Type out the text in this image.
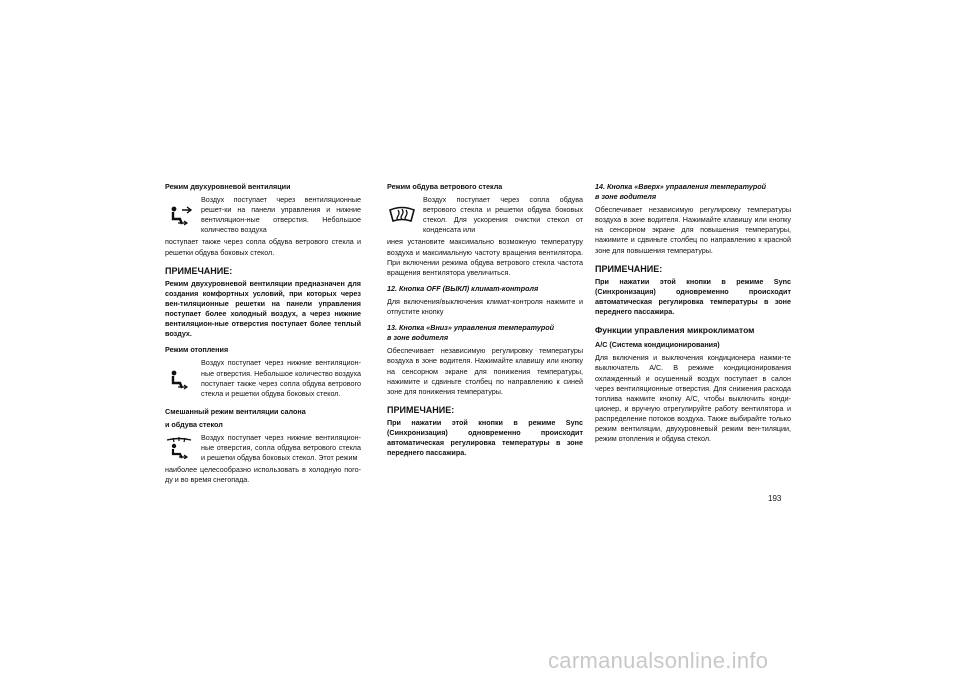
Режим двухуровневой вентиляции
Воздух поступает через вентиляционные решет-ки на панели управления и нижние вентиляцион-ные отверстия. Небольшое количество воздуха

поступает также через сопла обдува ветрового стекла и решетки обдува боковых стекол.

ПРИМЕЧАНИЕ:

Режим двухуровневой вентиляции предназначен для создания комфортных условий, при которых через вен-тиляционные решетки на панели управления поступает более холодный воздух, а через нижние вентиляцион-ные отверстия поступает более теплый воздух.

Режим отопления
Воздух поступает через нижние вентиляцион-ные отверстия. Небольшое количество воздуха поступает также через сопла обдува ветрового стекла и решетки обдува боковых стекол.
Смешанный режим вентиляции салона
и обдува стекол
Воздух поступает через нижние вентиляцион-ные отверстия, сопла обдува ветрового стекла и решетки обдува боковых стекол. Этот режим

наиболее целесообразно использовать в холодную пого-ду и во время снегопада.

Режим обдува ветрового стекла
Воздух поступает через сопла обдува ветрового стекла и решетки обдува боковых стекол. Для ускорения очистки стекол от конденсата или

инея установите максимально возможную температуру воздуха и максимальную частоту вращения вентилятора. При включении режима обдува ветрового стекла частота вращения вентилятора увеличиться.

12. Кнопка OFF (ВЫКЛ) климат-контроля

Для включения/выключения климат-контроля нажмите и отпустите кнопку

13. Кнопка «Вниз» управления температурой
в зоне водителя

Обеспечивает независимую регулировку температуры воздуха в зоне водителя. Нажимайте клавишу или кнопку на сенсорном экране для понижения температуры, нажимите и сдвиньте столбец по направлению к синей зоне для понижения температуры.

ПРИМЕЧАНИЕ:

При нажатии этой кнопки в режиме Sync (Синхронизация) одновременно происходит автоматическая регулировка температуры в зоне переднего пассажира.

14. Кнопка «Вверх» управления температурой
в зоне водителя

Обеспечивает независимую регулировку температуры воздуха в зоне водителя. Нажимайте клавишу или кнопку на сенсорном экране для повышения температуры, нажимите и сдвиньте столбец по направлению к красной зоне для повышения температуры.

ПРИМЕЧАНИЕ:

При нажатии этой кнопки в режиме Sync (Синхронизация) одновременно происходит автоматическая регулировка температуры в зоне переднего пассажира.

Функции управления микроклиматом
A/C (Система кондиционирования)

Для включения и выключения кондиционера нажми-те выключатель A/C. В режиме кондиционирования охлажденный и осушенный воздух поступает в салон через вентиляционные отверстия. Для снижения расхода топлива нажмите кнопку A/C, чтобы выключить конди-ционер, и вручную отрегулируйте работу вентилятора и распределение потоков воздуха. Также выбирайте только режим вентиляции, двухуровневый режим вен-тиляции, режим отопления и обдува стекол.

193
carmanualsonline.info
